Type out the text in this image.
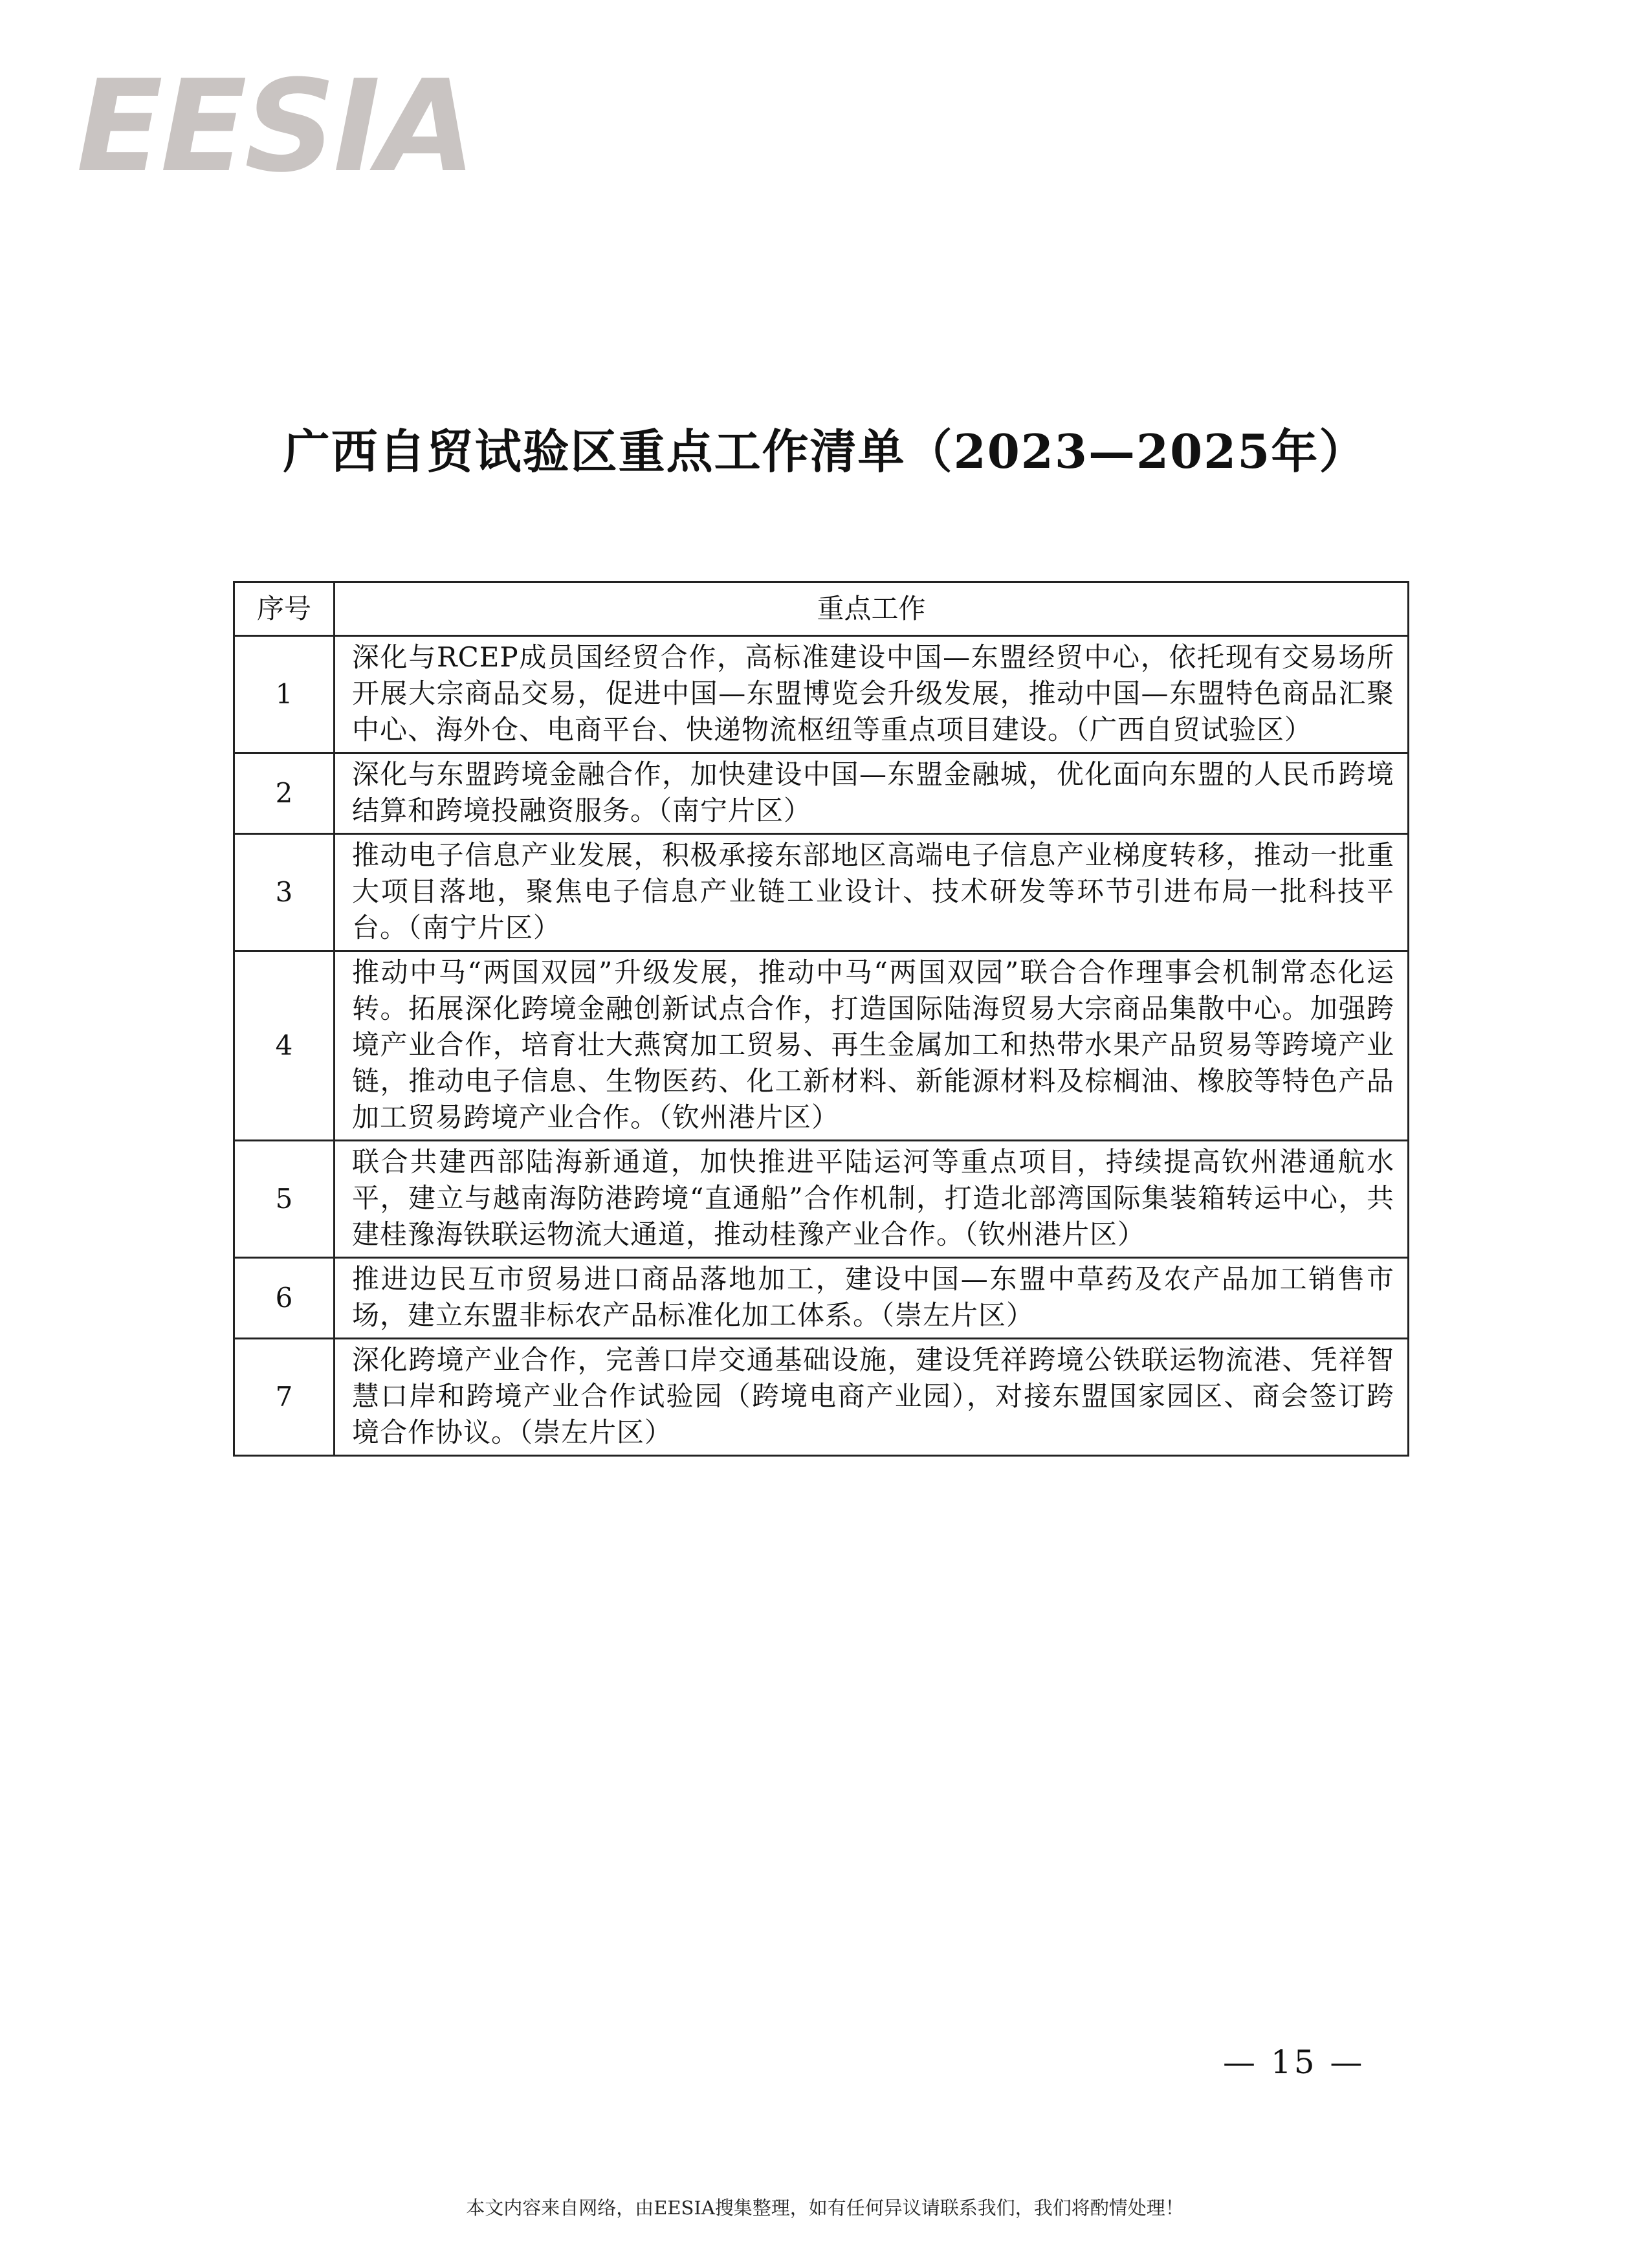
EESIA
广西自贸试验区重点工作清单（2023—2025年）
序号	重点工作
1	深化与RCEP成员国经贸合作，高标准建设中国—东盟经贸中心，依托现有交易场所开展大宗商品交易，促进中国—东盟博览会升级发展，推动中国—东盟特色商品汇聚中心、海外仓、电商平台、快递物流枢纽等重点项目建设。（广西自贸试验区）
2	深化与东盟跨境金融合作，加快建设中国—东盟金融城，优化面向东盟的人民币跨境结算和跨境投融资服务。（南宁片区）
3	推动电子信息产业发展，积极承接东部地区高端电子信息产业梯度转移，推动一批重大项目落地，聚焦电子信息产业链工业设计、技术研发等环节引进布局一批科技平台。（南宁片区）
4	推动中马“两国双园”升级发展，推动中马“两国双园”联合合作理事会机制常态化运转。拓展深化跨境金融创新试点合作，打造国际陆海贸易大宗商品集散中心。加强跨境产业合作，培育壮大燕窝加工贸易、再生金属加工和热带水果产品贸易等跨境产业链，推动电子信息、生物医药、化工新材料、新能源材料及棕榈油、橡胶等特色产品加工贸易跨境产业合作。（钦州港片区）
5	联合共建西部陆海新通道，加快推进平陆运河等重点项目，持续提高钦州港通航水平，建立与越南海防港跨境“直通船”合作机制，打造北部湾国际集装箱转运中心，共建桂豫海铁联运物流大通道，推动桂豫产业合作。（钦州港片区）
6	推进边民互市贸易进口商品落地加工，建设中国—东盟中草药及农产品加工销售市场，建立东盟非标农产品标准化加工体系。（崇左片区）
7	深化跨境产业合作，完善口岸交通基础设施，建设凭祥跨境公铁联运物流港、凭祥智慧口岸和跨境产业合作试验园（跨境电商产业园），对接东盟国家园区、商会签订跨境合作协议。（崇左片区）
— 15 —
本文内容来自网络，由EESIA搜集整理，如有任何异议请联系我们，我们将酌情处理！
